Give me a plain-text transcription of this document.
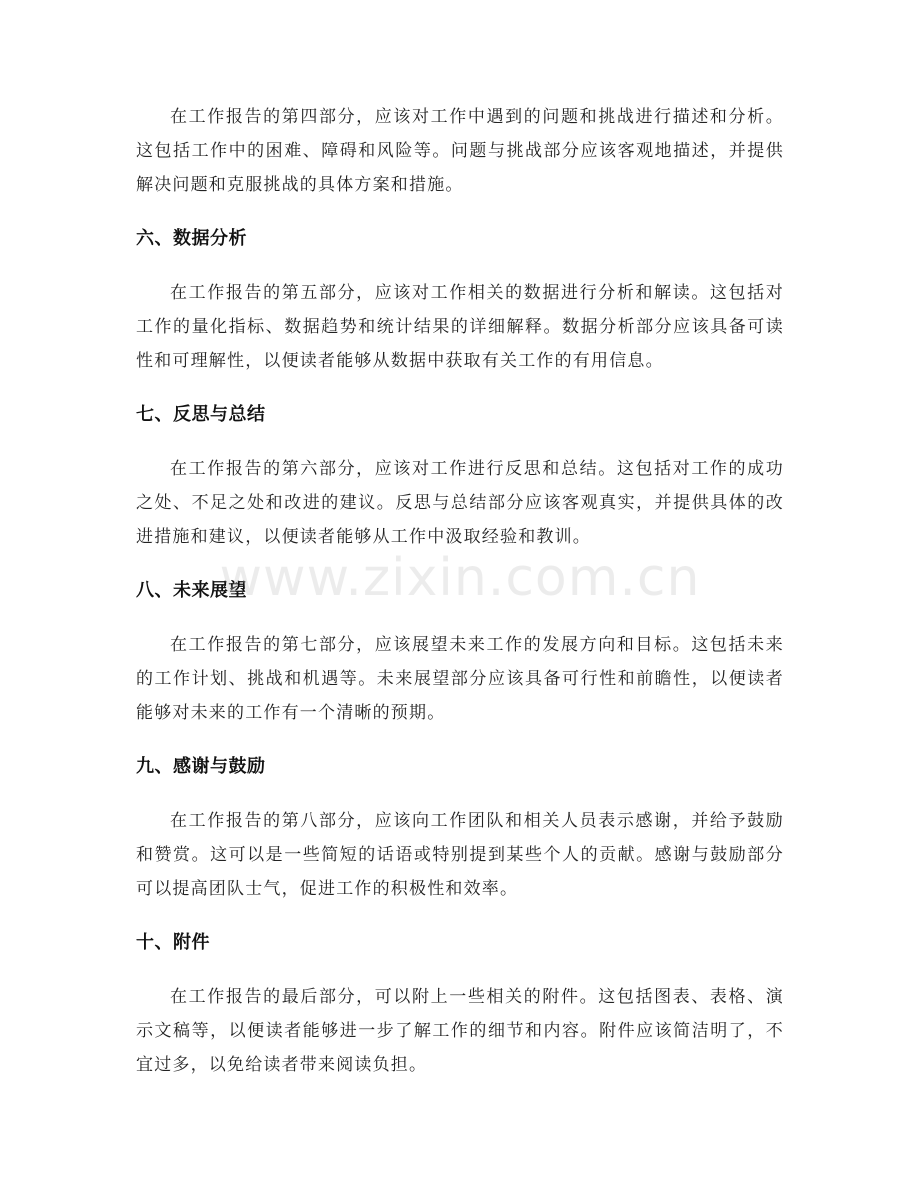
在工作报告的第四部分，应该对工作中遇到的问题和挑战进行描述和分析。这包括工作中的困难、障碍和风险等。问题与挑战部分应该客观地描述，并提供解决问题和克服挑战的具体方案和措施。

六、数据分析

在工作报告的第五部分，应该对工作相关的数据进行分析和解读。这包括对工作的量化指标、数据趋势和统计结果的详细解释。数据分析部分应该具备可读性和可理解性，以便读者能够从数据中获取有关工作的有用信息。

七、反思与总结

在工作报告的第六部分，应该对工作进行反思和总结。这包括对工作的成功之处、不足之处和改进的建议。反思与总结部分应该客观真实，并提供具体的改进措施和建议，以便读者能够从工作中汲取经验和教训。

八、未来展望

在工作报告的第七部分，应该展望未来工作的发展方向和目标。这包括未来的工作计划、挑战和机遇等。未来展望部分应该具备可行性和前瞻性，以便读者能够对未来的工作有一个清晰的预期。

九、感谢与鼓励

在工作报告的第八部分，应该向工作团队和相关人员表示感谢，并给予鼓励和赞赏。这可以是一些简短的话语或特别提到某些个人的贡献。感谢与鼓励部分可以提高团队士气，促进工作的积极性和效率。

十、附件

在工作报告的最后部分，可以附上一些相关的附件。这包括图表、表格、演示文稿等，以便读者能够进一步了解工作的细节和内容。附件应该简洁明了，不宜过多，以免给读者带来阅读负担。

www.zixin.com.cn
